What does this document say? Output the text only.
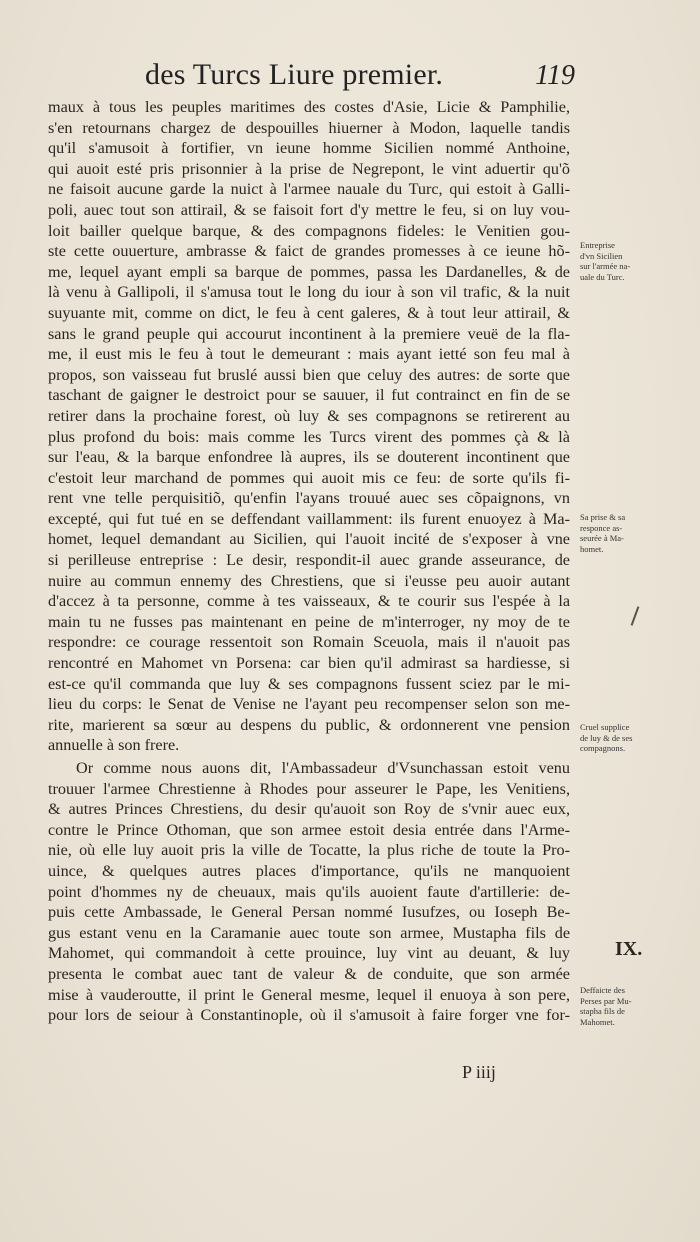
des Turcs Liure premier.	119
maux à tous les peuples maritimes des costes d'Asie, Licie & Pamphilie,
s'en retournans chargez de despouilles hiuerner à Modon, laquelle tandis
qu'il s'amusoit à fortifier, vn ieune homme Sicilien nommé Anthoine,
qui auoit esté pris prisonnier à la prise de Negrepont, le vint aduertir qu'õ
ne faisoit aucune garde la nuict à l'armee nauale du Turc, qui estoit à Galli-
poli, auec tout son attirail, & se faisoit fort d'y mettre le feu, si on luy vou-
loit bailler quelque barque, & des compagnons fideles: le Venitien gou-
ste cette ouuerture, ambrasse & faict de grandes promesses à ce ieune hõ-
me, lequel ayant empli sa barque de pommes, passa les Dardanelles, & de
là venu à Gallipoli, il s'amusa tout le long du iour à son vil trafic, & la nuit
suyuante mit, comme on dict, le feu à cent galeres, & à tout leur attirail, &
sans le grand peuple qui accourut incontinent à la premiere veuë de la fla-
me, il eust mis le feu à tout le demeurant : mais ayant ietté son feu mal à
propos, son vaisseau fut bruslé aussi bien que celuy des autres: de sorte que
taschant de gaigner le destroict pour se sauuer, il fut contrainct en fin de se
retirer dans la prochaine forest, où luy & ses compagnons se retirerent au
plus profond du bois: mais comme les Turcs virent des pommes çà & là
sur l'eau, & la barque enfondree là aupres, ils se douterent incontinent que
c'estoit leur marchand de pommes qui auoit mis ce feu: de sorte qu'ils fi-
rent vne telle perquisitiõ, qu'enfin l'ayans trouué auec ses cõpaignons, vn
excepté, qui fut tué en se deffendant vaillamment: ils furent enuoyez à Ma-
homet, lequel demandant au Sicilien, qui l'auoit incité de s'exposer à vne
si perilleuse entreprise : Le desir, respondit-il auec grande asseurance, de
nuire au commun ennemy des Chrestiens, que si i'eusse peu auoir autant
d'accez à ta personne, comme à tes vaisseaux, & te courir sus l'espée à la
main tu ne fusses pas maintenant en peine de m'interroger, ny moy de te
respondre: ce courage ressentoit son Romain Sceuola, mais il n'auoit pas
rencontré en Mahomet vn Porsena: car bien qu'il admirast sa hardiesse, si
est-ce qu'il commanda que luy & ses compagnons fussent sciez par le mi-
lieu du corps: le Senat de Venise ne l'ayant peu recompenser selon son me-
rite, marierent sa sœur au despens du public, & ordonnerent vne pension
annuelle à son frere.
Or comme nous auons dit, l'Ambassadeur d'Vsunchassan estoit venu
trouuer l'armee Chrestienne à Rhodes pour asseurer le Pape, les Venitiens,
& autres Princes Chrestiens, du desir qu'auoit son Roy de s'vnir auec eux,
contre le Prince Othoman, que son armee estoit desia entrée dans l'Arme-
nie, où elle luy auoit pris la ville de Tocatte, la plus riche de toute la Pro-
uince, & quelques autres places d'importance, qu'ils ne manquoient
point d'hommes ny de cheuaux, mais qu'ils auoient faute d'artillerie: de-
puis cette Ambassade, le General Persan nommé Iusufzes, ou Ioseph Be-
gus estant venu en la Caramanie auec toute son armee, Mustapha fils de
Mahomet, qui commandoit à cette prouince, luy vint au deuant, & luy
presenta le combat auec tant de valeur & de conduite, que son armée
mise à vauderoutte, il print le General mesme, lequel il enuoya à son pere,
pour lors de seiour à Constantinople, où il s'amusoit à faire forger vne for-
Entreprise
d'vn Sicilien
sur l'armée na-
uale du Turc.
Sa prise & sa
responce as-
seurée à Ma-
homet.
Cruel supplice
de luy & de ses
compagnons.
IX.
Deffaicte des
Perses par Mu-
stapha fils de
Mahomet.
P iiij
